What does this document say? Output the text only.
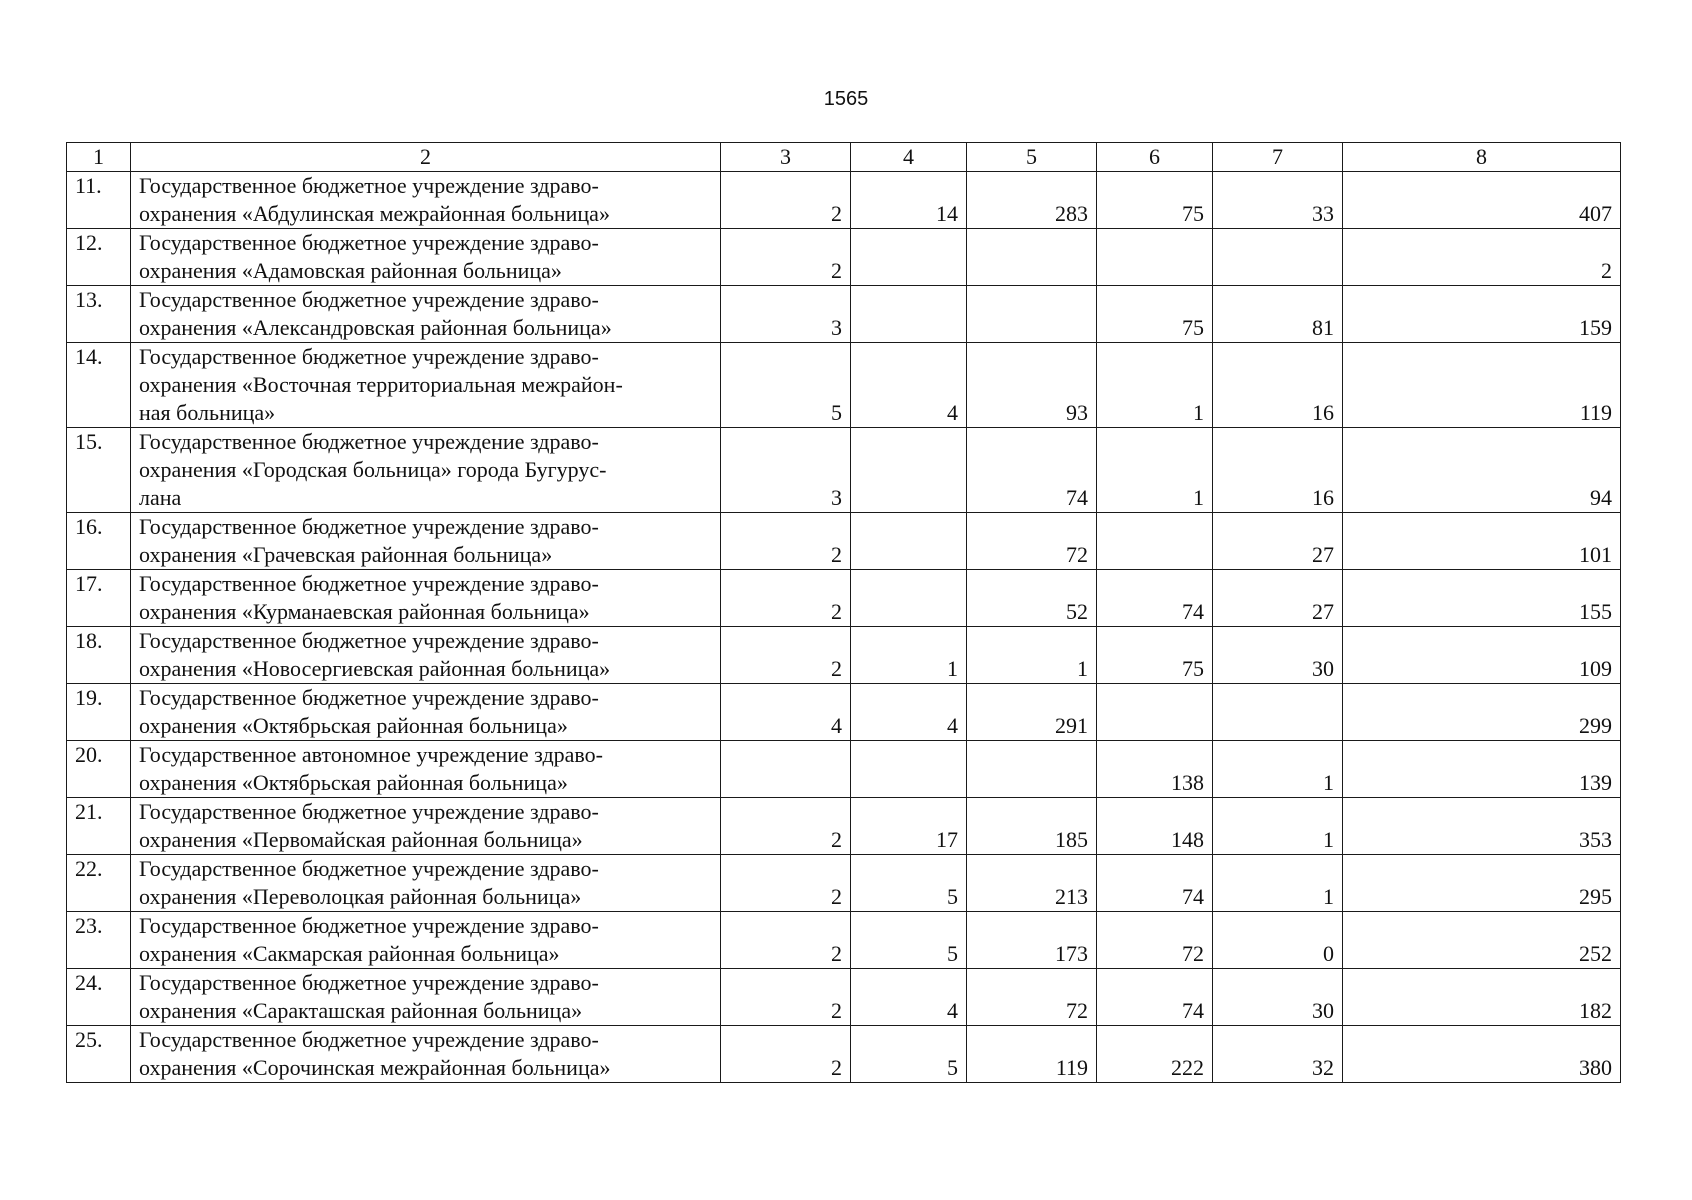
1565
1	2	3	4	5	6	7	8
11.	Государственное бюджетное учреждение здраво-
охранения «Абдулинская межрайонная больница»	2	14	283	75	33	407
12.	Государственное бюджетное учреждение здраво-
охранения «Адамовская районная больница»	2					2
13.	Государственное бюджетное учреждение здраво-
охранения «Александровская районная больница»	3			75	81	159
14.	Государственное бюджетное учреждение здраво-
охранения «Восточная территориальная межрайон-
ная больница»	5	4	93	1	16	119
15.	Государственное бюджетное учреждение здраво-
охранения «Городская больница» города Бугурус-
лана	3		74	1	16	94
16.	Государственное бюджетное учреждение здраво-
охранения «Грачевская районная больница»	2		72		27	101
17.	Государственное бюджетное учреждение здраво-
охранения «Курманаевская районная больница»	2		52	74	27	155
18.	Государственное бюджетное учреждение здраво-
охранения «Новосергиевская районная больница»	2	1	1	75	30	109
19.	Государственное бюджетное учреждение здраво-
охранения «Октябрьская районная больница»	4	4	291			299
20.	Государственное автономное учреждение здраво-
охранения «Октябрьская районная больница»				138	1	139
21.	Государственное бюджетное учреждение здраво-
охранения «Первомайская районная больница»	2	17	185	148	1	353
22.	Государственное бюджетное учреждение здраво-
охранения «Переволоцкая районная больница»	2	5	213	74	1	295
23.	Государственное бюджетное учреждение здраво-
охранения «Сакмарская районная больница»	2	5	173	72	0	252
24.	Государственное бюджетное учреждение здраво-
охранения «Саракташская районная больница»	2	4	72	74	30	182
25.	Государственное бюджетное учреждение здраво-
охранения «Сорочинская межрайонная больница»	2	5	119	222	32	380
